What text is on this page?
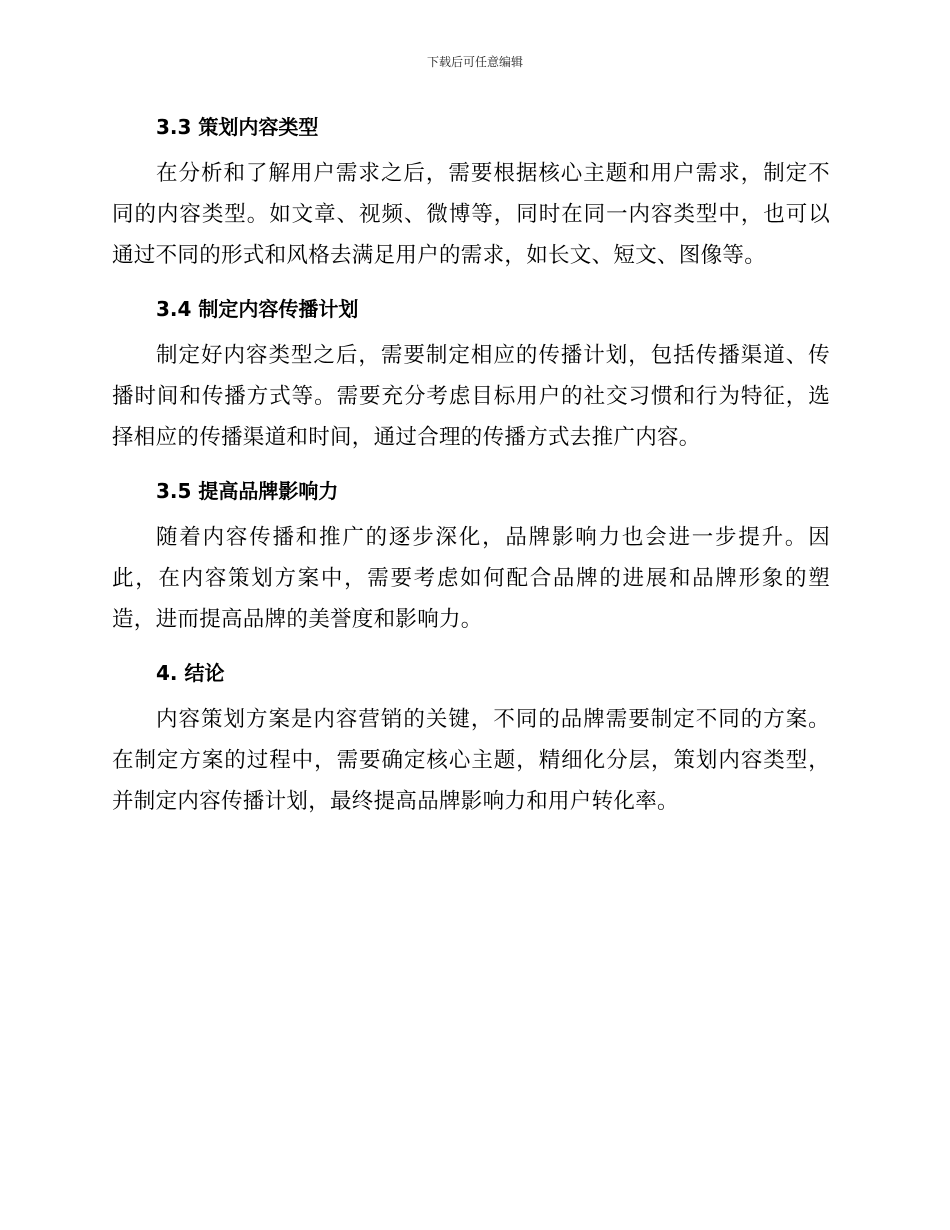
下载后可任意编辑
3.3 策划内容类型

在分析和了解用户需求之后，需要根据核心主题和用户需求，制定不同的内容类型。如文章、视频、微博等，同时在同一内容类型中，也可以通过不同的形式和风格去满足用户的需求，如长文、短文、图像等。

3.4 制定内容传播计划

制定好内容类型之后，需要制定相应的传播计划，包括传播渠道、传播时间和传播方式等。需要充分考虑目标用户的社交习惯和行为特征，选择相应的传播渠道和时间，通过合理的传播方式去推广内容。

3.5 提高品牌影响力

随着内容传播和推广的逐步深化，品牌影响力也会进一步提升。因此，在内容策划方案中，需要考虑如何配合品牌的进展和品牌形象的塑造，进而提高品牌的美誉度和影响力。

4. 结论

内容策划方案是内容营销的关键，不同的品牌需要制定不同的方案。在制定方案的过程中，需要确定核心主题，精细化分层，策划内容类型，并制定内容传播计划，最终提高品牌影响力和用户转化率。
